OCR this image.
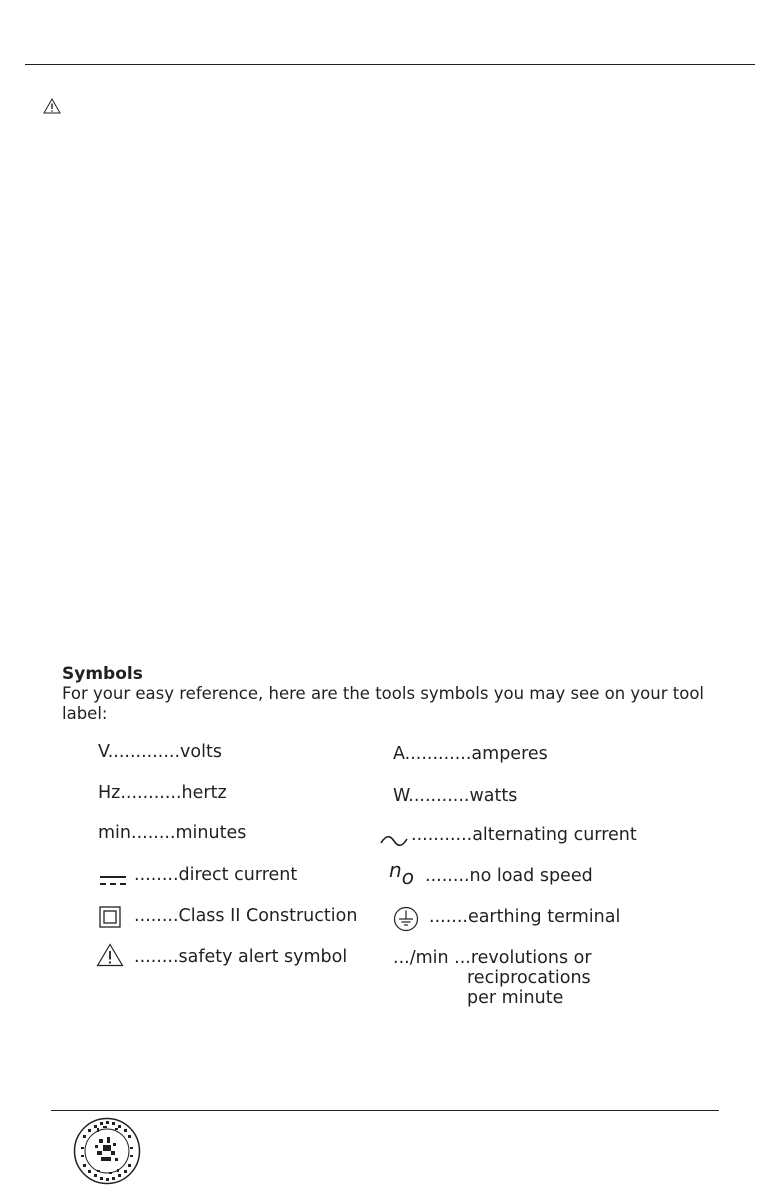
Symbols

For your easy reference, here are the tools symbols you may see on your tool label:

V.............volts
Hz...........hertz
min........minutes
........direct current
........Class II Construction
........safety alert symbol
A............amperes
W...........watts
...........alternating current
no ........no load speed
.......earthing terminal
.../min ...revolutions or
reciprocations
per minute
